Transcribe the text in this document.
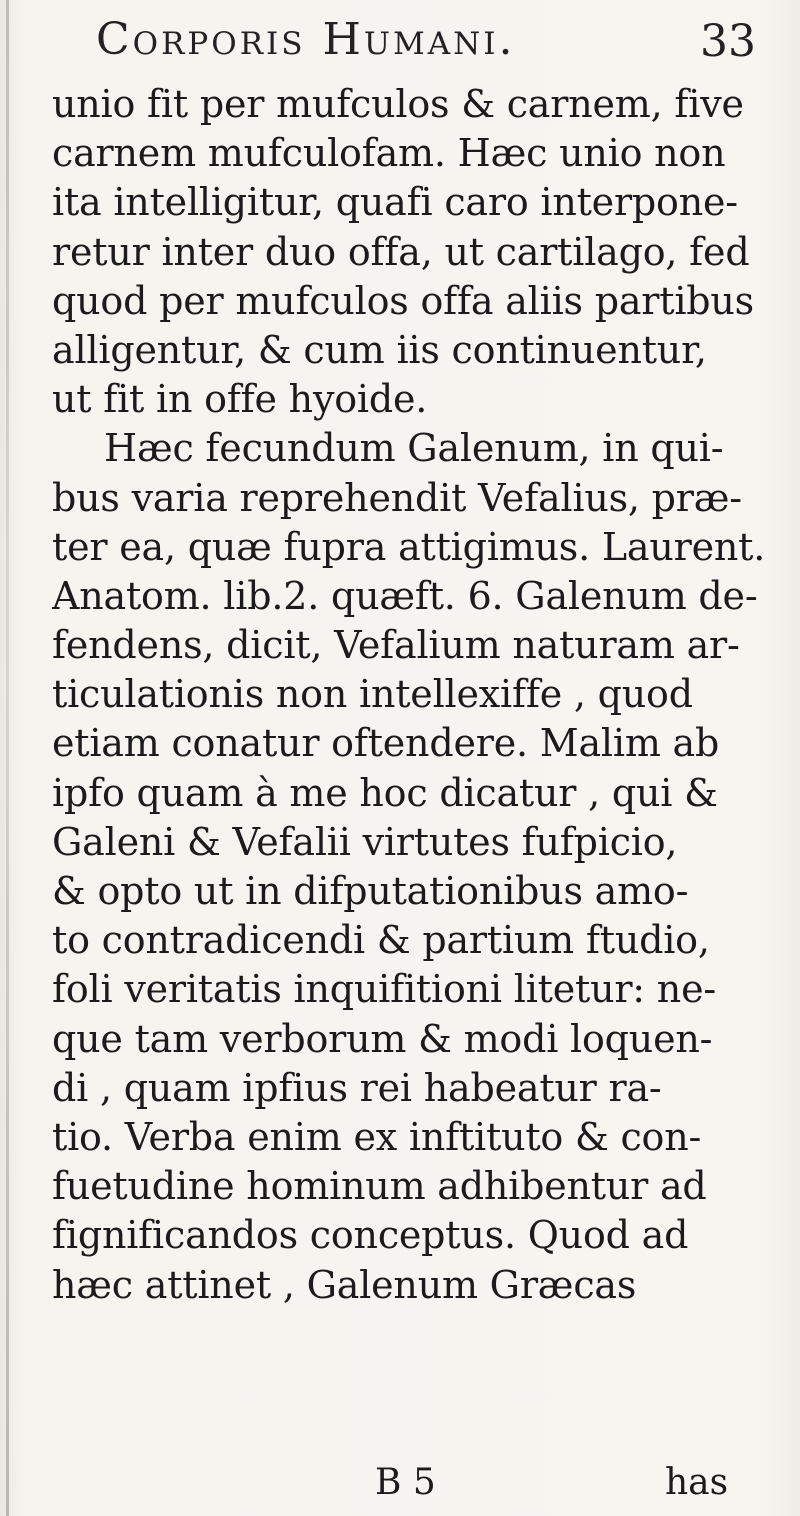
Corporis Humani.	33
unio fit per mufculos & carnem, five
carnem mufculofam. Hæc unio non
ita intelligitur, quafi caro interpone-
retur inter duo offa, ut cartilago, fed
quod per mufculos offa aliis partibus
alligentur, & cum iis continuentur,
ut fit in offe hyoide.
Hæc fecundum Galenum, in qui-
bus varia reprehendit Vefalius, præ-
ter ea, quæ fupra attigimus. Laurent.
Anatom. lib.2. quæft. 6. Galenum de-
fendens, dicit, Vefalium naturam ar-
ticulationis non intellexiffe , quod
etiam conatur oftendere. Malim ab
ipfo quam à me hoc dicatur , qui &
Galeni & Vefalii virtutes fufpicio,
& opto ut in difputationibus amo-
to contradicendi & partium ftudio,
foli veritatis inquifitioni litetur: ne-
que tam verborum & modi loquen-
di , quam ipfius rei habeatur ra-
tio. Verba enim ex inftituto & con-
fuetudine hominum adhibentur ad
fignificandos conceptus. Quod ad
hæc attinet , Galenum Græcas
B 5	has
